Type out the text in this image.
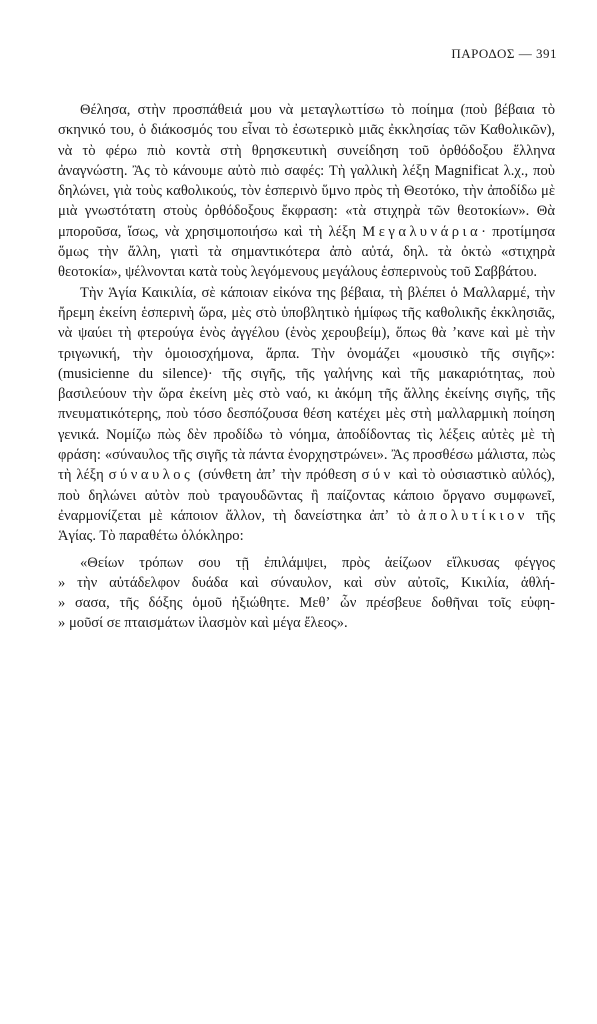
ΠΑΡΟΔΟΣ — 391

Θέλησα, στὴν προσπάθειά μου νὰ μεταγλωττίσω τὸ ποίημα (ποὺ βέβαια τὸ σκηνικό του, ὁ διάκοσμός του εἶναι τὸ ἐσωτερικὸ μιᾶς ἐκκλησίας τῶν Καθολικῶν), νὰ τὸ φέρω πιὸ κοντὰ στὴ θρησκευτικὴ συνείδηση τοῦ ὀρθόδοξου ἕλληνα ἀναγνώστη. Ἂς τὸ κάνουμε αὐτὸ πιὸ σαφές: Τὴ γαλλικὴ λέξη Magnificat λ.χ., ποὺ δηλώνει, γιὰ τοὺς καθολικούς, τὸν ἑσπερινὸ ὕμνο πρὸς τὴ Θεοτόκο, τὴν ἀποδίδω μὲ μιὰ γνωστότατη στοὺς ὀρθόδοξους ἔκφραση: «τὰ στιχηρὰ τῶν θεοτοκίων». Θὰ μποροῦσα, ἴσως, νὰ χρησιμοποιήσω καὶ τὴ λέξη Μεγαλυνάρια· προτίμησα ὅμως τὴν ἄλλη, γιατὶ τὰ σημαντικότερα ἀπὸ αὐτά, δηλ. τὰ ὀκτὼ «στιχηρὰ θεοτοκία», ψέλνονται κατὰ τοὺς λεγόμενους μεγάλους ἑσπερινοὺς τοῦ Σαββάτου.

Τὴν Ἁγία Καικιλία, σὲ κάποιαν εἰκόνα της βέβαια, τὴ βλέπει ὁ Μαλλαρμέ, τὴν ἤρεμη ἐκείνη ἑσπερινὴ ὥρα, μὲς στὸ ὑποβλητικὸ ἡμίφως τῆς καθολικῆς ἐκκλησιᾶς, νὰ ψαύει τὴ φτερούγα ἑνὸς ἀγγέλου (ἑνὸς χερουβείμ), ὅπως θὰ ʼκανε καὶ μὲ τὴν τριγωνική, τὴν ὁμοιοσχήμονα, ἅρπα. Τὴν ὀνομάζει «μουσικὸ τῆς σιγῆς»: (musicienne du silence)· τῆς σιγῆς, τῆς γαλήνης καὶ τῆς μακαριότητας, ποὺ βασιλεύουν τὴν ὥρα ἐκείνη μὲς στὸ ναό, κι ἀκόμη τῆς ἄλλης ἐκείνης σιγῆς, τῆς πνευματικότερης, ποὺ τόσο δεσπόζουσα θέση κατέχει μὲς στὴ μαλλαρμικὴ ποίηση γενικά. Νομίζω πὼς δὲν προδίδω τὸ νόημα, ἀποδίδοντας τὶς λέξεις αὐτὲς μὲ τὴ φράση: «σύναυλος τῆς σιγῆς τὰ πάντα ἐνορχηστρώνει». Ἂς προσθέσω μάλιστα, πὼς τὴ λέξη σύναυλος (σύνθετη ἀπʼ τὴν πρόθεση σύν καὶ τὸ οὐσιαστικὸ αὐλός), ποὺ δηλώνει αὐτὸν ποὺ τραγουδῶντας ἢ παίζοντας κάποιο ὄργανο συμφωνεῖ, ἐναρμονίζεται μὲ κάποιον ἄλλον, τὴ δανείστηκα ἀπʼ τὸ ἀπολυτίκιον τῆς Ἁγίας. Τὸ παραθέτω ὁλόκληρο:

«Θείων τρόπων σου τῇ ἐπιλάμψει, πρὸς ἀείζωον εἵλκυσας φέγγος
» τὴν αὐτάδελφον δυάδα καὶ σύναυλον, καὶ σὺν αὐτοῖς, Κικιλία, ἀθλή-
» σασα, τῆς δόξης ὁμοῦ ἠξιώθητε. Μεθʼ ὧν πρέσβευε δοθῆναι τοῖς εὐφη-
» μοῦσί σε πταισμάτων ἱλασμὸν καὶ μέγα ἔλεος».
